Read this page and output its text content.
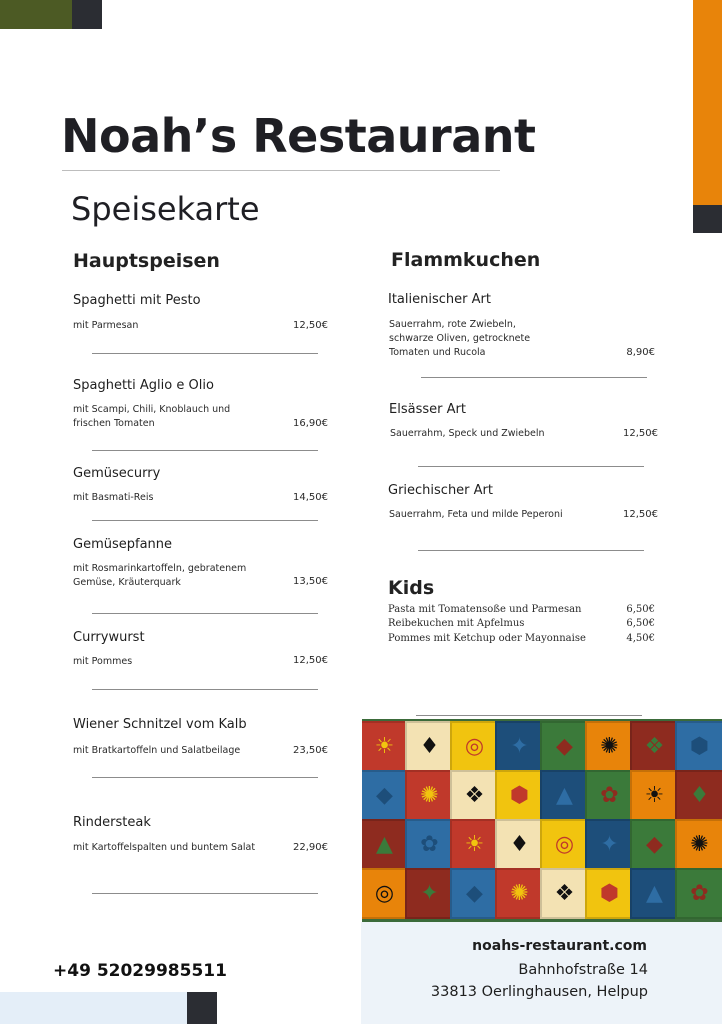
Noah’s Restaurant
Speisekarte
Hauptspeisen
Spaghetti mit Pesto
mit Parmesan	12,50€
Spaghetti Aglio e Olio
mit Scampi, Chili, Knoblauch und frischen Tomaten	16,90€
Gemüsecurry
mit Basmati-Reis	14,50€
Gemüsepfanne
mit Rosmarinkartoffeln, gebratenem Gemüse, Kräuterquark	13,50€
Currywurst
mit Pommes	12,50€
Wiener Schnitzel vom Kalb
mit Bratkartoffeln und Salatbeilage	23,50€
Rindersteak
mit Kartoffelspalten und buntem Salat	22,90€
Flammkuchen
Italienischer Art
Sauerrahm, rote Zwiebeln, schwarze Oliven, getrocknete Tomaten und Rucola	8,90€
Elsässer Art
Sauerrahm, Speck und Zwiebeln	12,50€
Griechischer Art
Sauerrahm, Feta und milde Peperoni	12,50€
Kids
Pasta mit Tomatensoße und Parmesan	6,50€
Reibekuchen mit Apfelmus	6,50€
Pommes mit Ketchup oder Mayonnaise	4,50€
☀	♦	◎	✦	◆	✺	❖	⬢
◆	✺	❖	⬢	▲	✿	☀	♦
▲	✿	☀	♦	◎	✦	◆	✺
◎	✦	◆	✺	❖	⬢	▲	✿
noahs-restaurant.com
Bahnhofstraße 14
33813 Oerlinghausen, Helpup
+49 52029985511
